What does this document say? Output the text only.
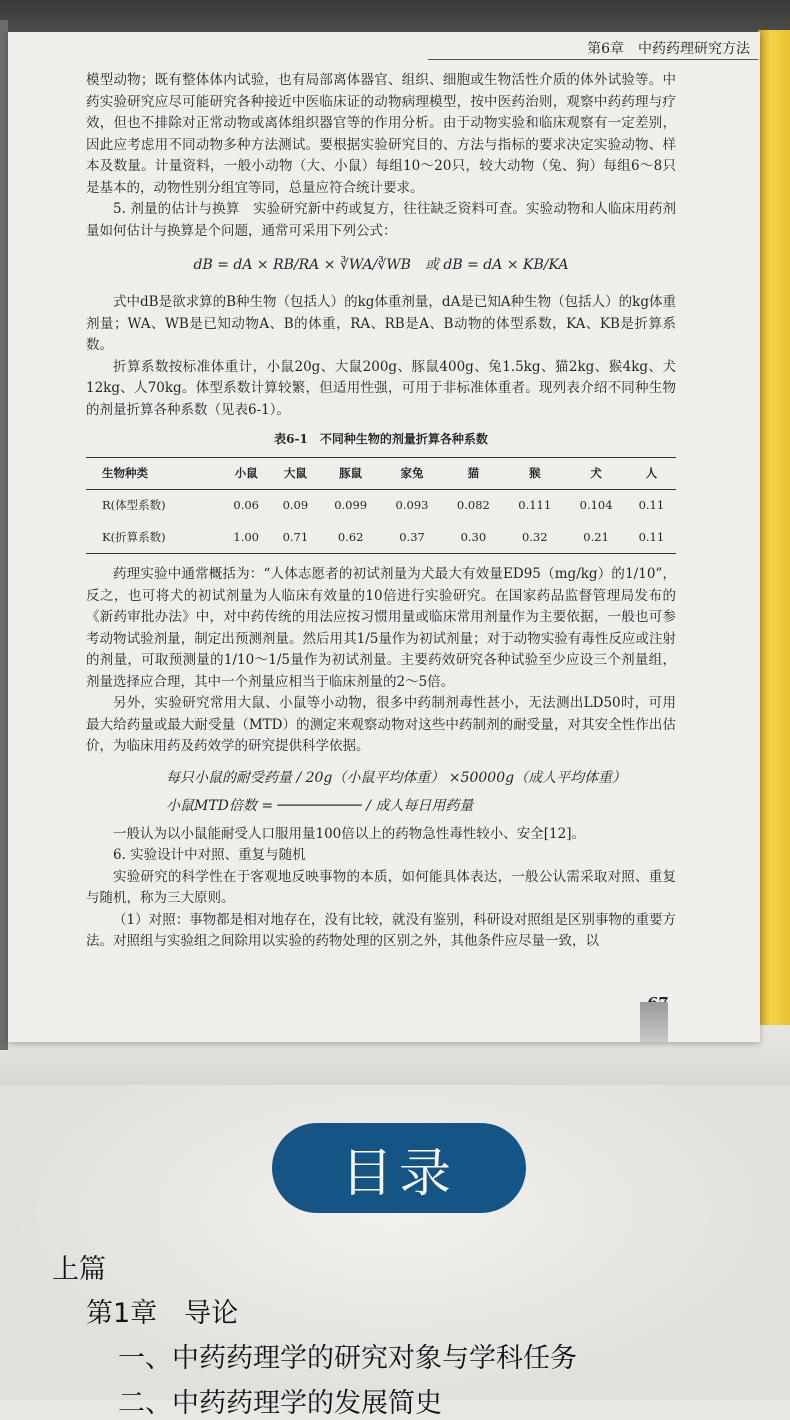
第6章　中药药理研究方法

模型动物；既有整体体内试验，也有局部离体器官、组织、细胞或生物活性介质的体外试验等。中药实验研究应尽可能研究各种接近中医临床证的动物病理模型，按中医药治则，观察中药药理与疗效，但也不排除对正常动物或离体组织器官等的作用分析。由于动物实验和临床观察有一定差别，因此应考虑用不同动物多种方法测试。要根据实验研究目的、方法与指标的要求决定实验动物、样本及数量。计量资料，一般小动物（大、小鼠）每组10～20只，较大动物（兔、狗）每组6～8只是基本的，动物性别分组宜等同，总量应符合统计要求。

5. 剂量的估计与换算　实验研究新中药或复方，往往缺乏资料可查。实验动物和人临床用药剂量如何估计与换算是个问题，通常可采用下列公式：

dB = dA × RB/RA × ∛WA/∛WB　或 dB = dA × KB/KA

式中dB是欲求算的B种生物（包括人）的kg体重剂量，dA是已知A种生物（包括人）的kg体重剂量；WA、WB是已知动物A、B的体重，RA、RB是A、B动物的体型系数，KA、KB是折算系数。

折算系数按标准体重计，小鼠20g、大鼠200g、豚鼠400g、兔1.5kg、猫2kg、猴4kg、犬12kg、人70kg。体型系数计算较繁，但适用性强，可用于非标准体重者。现列表介绍不同种生物的剂量折算各种系数（见表6-1）。

表6-1　不同种生物的剂量折算各种系数
生物种类	小鼠	大鼠	豚鼠	家兔	猫	猴	犬	人
R(体型系数)	0.06	0.09	0.099	0.093	0.082	0.111	0.104	0.11
K(折算系数)	1.00	0.71	0.62	0.37	0.30	0.32	0.21	0.11

药理实验中通常概括为：“人体志愿者的初试剂量为犬最大有效量ED95（mg/kg）的1/10”，反之，也可将犬的初试剂量为人临床有效量的10倍进行实验研究。在国家药品监督管理局发布的《新药审批办法》中，对中药传统的用法应按习惯用量或临床常用剂量作为主要依据，一般也可参考动物试验剂量，制定出预测剂量。然后用其1/5量作为初试剂量；对于动物实验有毒性反应或注射的剂量，可取预测量的1/10～1/5量作为初试剂量。主要药效研究各种试验至少应设三个剂量组，剂量选择应合理，其中一个剂量应相当于临床剂量的2～5倍。

另外，实验研究常用大鼠、小鼠等小动物，很多中药制剂毒性甚小，无法测出LD50时，可用最大给药量或最大耐受量（MTD）的测定来观察动物对这些中药制剂的耐受量，对其安全性作出估价，为临床用药及药效学的研究提供科学依据。

每只小鼠的耐受药量 / 20g（小鼠平均体重） ×50000g（成人平均体重）
小鼠MTD倍数 = ────────── / 成人每日用药量

一般认为以小鼠能耐受人口服用量100倍以上的药物急性毒性较小、安全[12]。

6. 实验设计中对照、重复与随机

实验研究的科学性在于客观地反映事物的本质，如何能具体表达，一般公认需采取对照、重复与随机，称为三大原则。

（1）对照：事物都是相对地存在，没有比较，就没有鉴别，科研设对照组是区别事物的重要方法。对照组与实验组之间除用以实验的药物处理的区别之外，其他条件应尽量一致，以

目录
上篇
第1章　导论
一、中药药理学的研究对象与学科任务
二、中药药理学的发展简史
